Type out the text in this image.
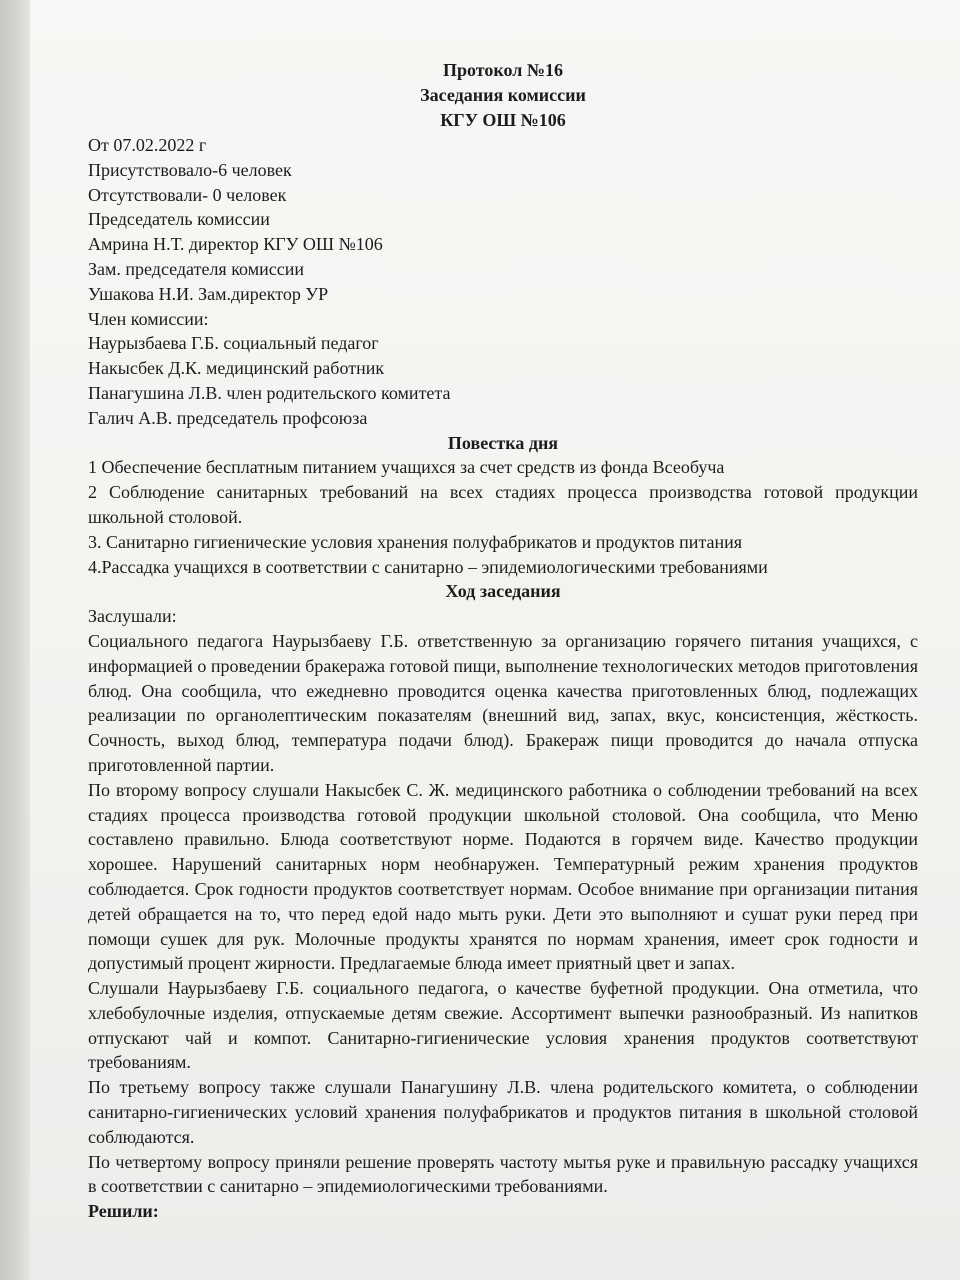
Протокол №16
Заседания комиссии
КГУ ОШ №106
От 07.02.2022 г
Присутствовало-6 человек
Отсутствовали- 0 человек
Председатель комиссии
Амрина Н.Т. директор КГУ ОШ №106
Зам. председателя комиссии
Ушакова Н.И. Зам.директор УР
Член комиссии:
Наурызбаева Г.Б. социальный педагог
Накысбек Д.К. медицинский работник
Панагушина Л.В. член родительского комитета
Галич А.В. председатель профсоюза
Повестка дня
1 Обеспечение бесплатным питанием учащихся за счет средств из фонда Всеобуча

2 Соблюдение санитарных требований на всех стадиях процесса производства готовой продукции школьной столовой.

3. Санитарно гигиенические условия хранения полуфабрикатов и продуктов питания
4.Рассадка учащихся в соответствии с санитарно – эпидемиологическими требованиями
Ход заседания
Заслушали:

Социального педагога Наурызбаеву Г.Б. ответственную за организацию горячего питания учащихся, с информацией о проведении бракеража готовой пищи, выполнение технологических методов приготовления блюд. Она сообщила, что ежедневно проводится оценка качества приготовленных блюд, подлежащих реализации по органолептическим показателям (внешний вид, запах, вкус, консистенция, жёсткость. Сочность, выход блюд, температура подачи блюд). Бракераж пищи проводится до начала отпуска приготовленной партии.

По второму вопросу слушали Накысбек С. Ж. медицинского работника о соблюдении требований на всех стадиях процесса производства готовой продукции школьной столовой. Она сообщила, что Меню составлено правильно. Блюда соответствуют норме. Подаются в горячем виде. Качество продукции хорошее. Нарушений санитарных норм необнаружен. Температурный режим хранения продуктов соблюдается. Срок годности продуктов соответствует нормам. Особое внимание при организации питания детей обращается на то, что перед едой надо мыть руки. Дети это выполняют и сушат руки перед при помощи сушек для рук. Молочные продукты хранятся по нормам хранения, имеет срок годности и допустимый процент жирности. Предлагаемые блюда имеет приятный цвет и запах.

Слушали Наурызбаеву Г.Б. социального педагога, о качестве буфетной продукции. Она отметила, что хлебобулочные изделия, отпускаемые детям свежие. Ассортимент выпечки разнообразный. Из напитков отпускают чай и компот. Санитарно-гигиенические условия хранения продуктов соответствуют требованиям.

По третьему вопросу также слушали Панагушину Л.В. члена родительского комитета, о соблюдении санитарно-гигиенических условий хранения полуфабрикатов и продуктов питания в школьной столовой соблюдаются.

По четвертому вопросу приняли решение проверять частоту мытья руке и правильную рассадку учащихся в соответствии с санитарно – эпидемиологическими требованиями.

Решили:
